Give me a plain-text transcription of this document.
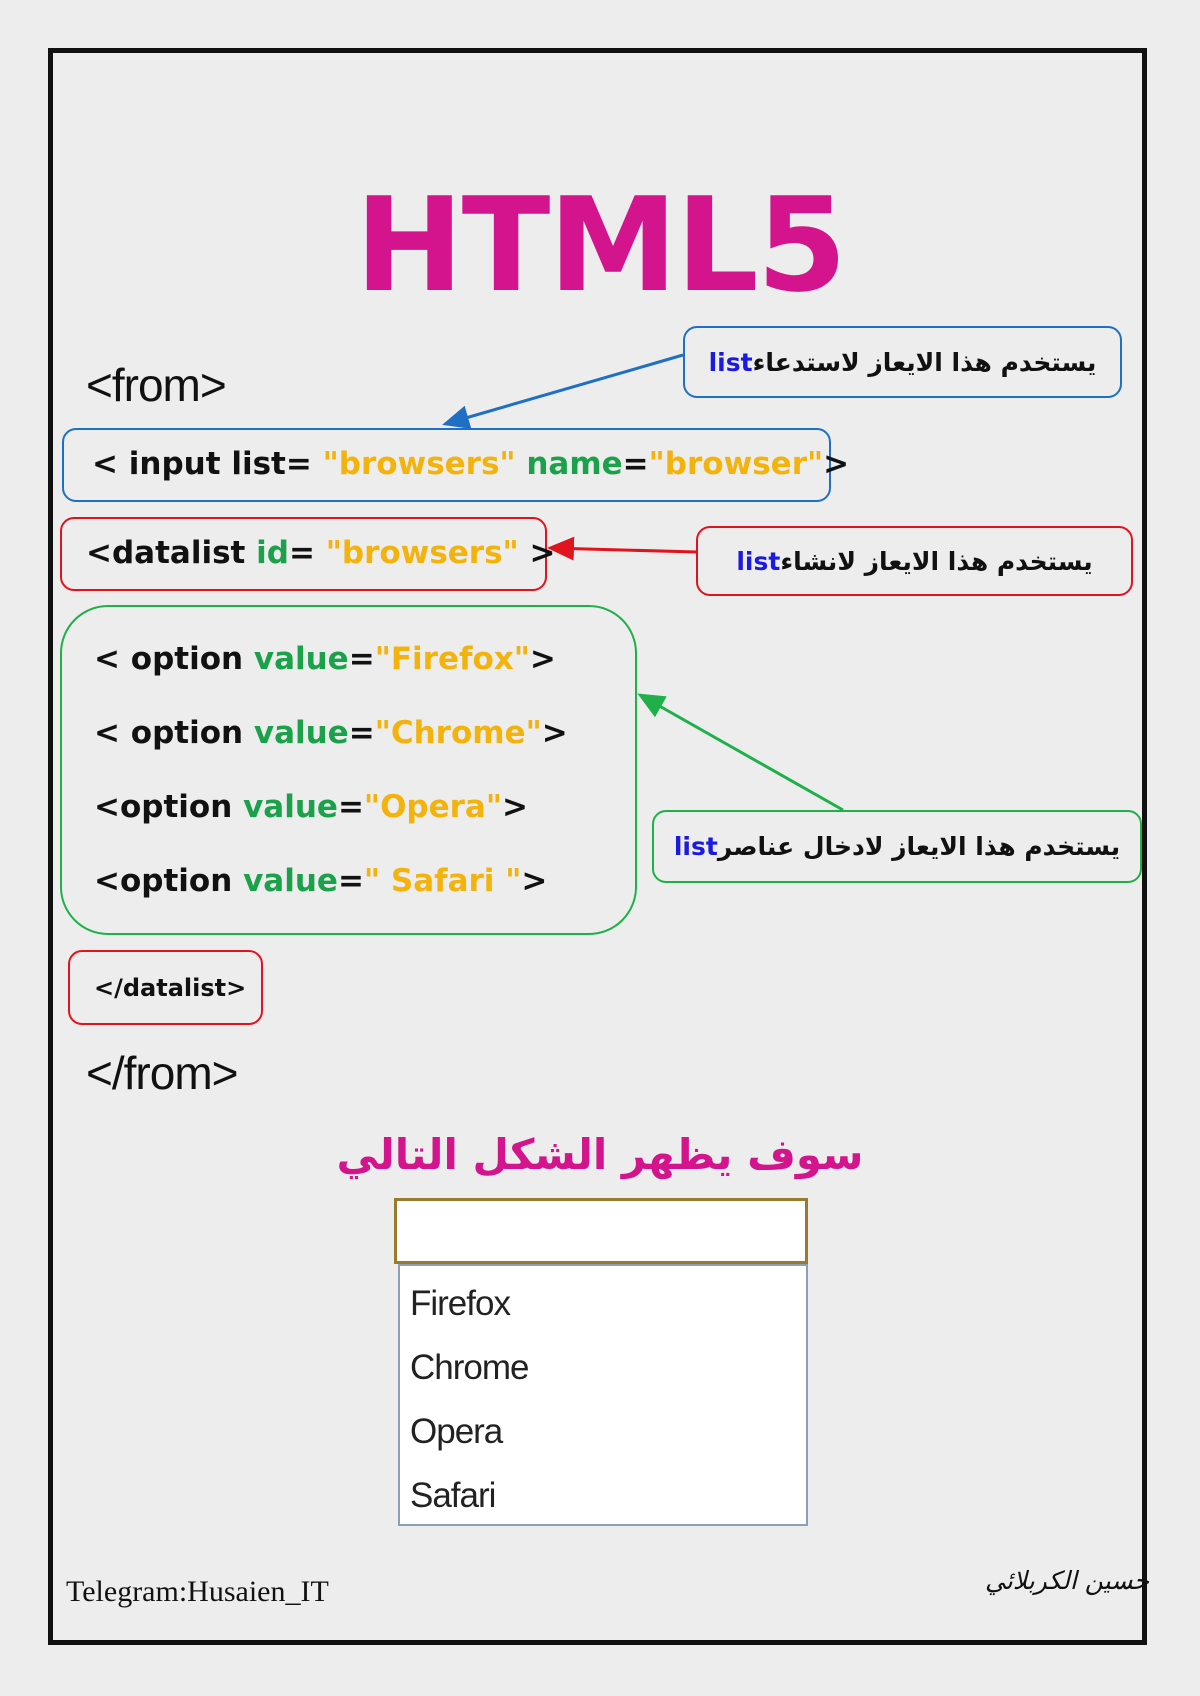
HTML5
<from>
< input list= "browsers" name="browser">
يستخدم هذا الايعاز لاستدعاء
list
<datalist id= "browsers" >	يستخدم هذا الايعاز لانشاء
list
< option value="Firefox">
< option value="Chrome">
<option value="Opera">
<option value=" Safari ">
يستخدم هذا الايعاز لادخال عناصر
list
</datalist>
</from>
سوف يظهر الشكل التالي
Firefox
Chrome
Opera
Safari
Telegram:Husaien_IT	حسين الكربلائي
